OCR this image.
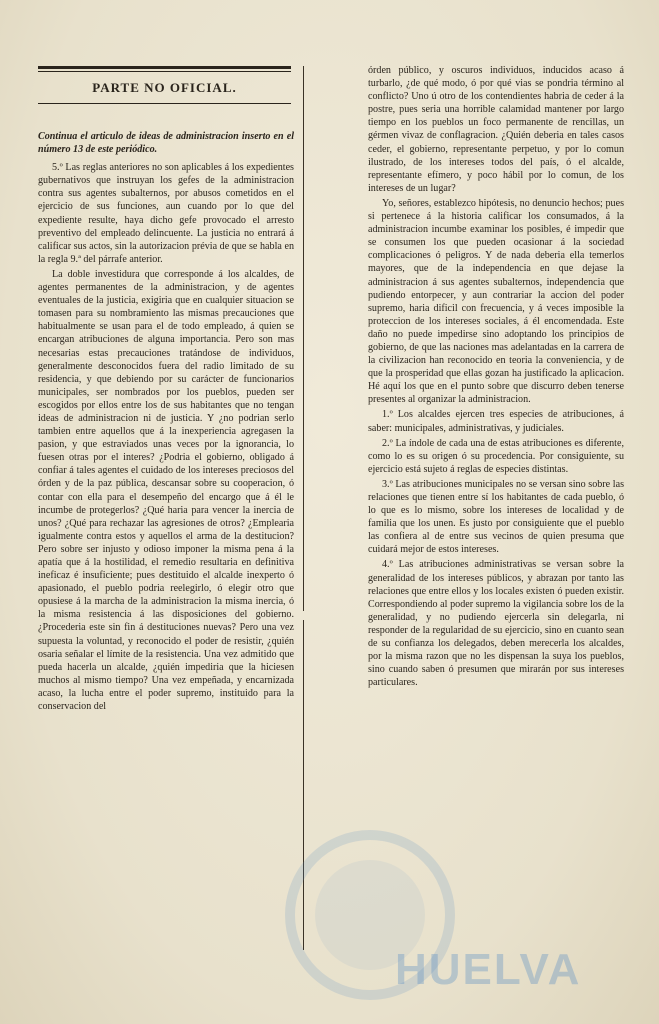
PARTE NO OFICIAL.

Continua el articulo de ideas de administracion inserto en el número 13 de este periódico.

5.º Las reglas anteriores no son aplicables á los expedientes gubernativos que instruyan los gefes de la administracion contra sus agentes subalternos, por abusos cometidos en el ejercicio de sus funciones, aun cuando por lo que del expediente resulte, haya dicho gefe provocado el arresto preventivo del empleado delincuente. La justicia no entrará á calificar sus actos, sin la autorizacion prévia de que se habla en la regla 9.ª del párrafe anterior.

La doble investidura que corresponde á los alcaldes, de agentes permanentes de la administracion, y de agentes eventuales de la justicia, exigiria que en cualquier situacion se tomasen para su nombramiento las mismas precauciones que habitualmente se usan para el de todo empleado, á quien se encargan atribuciones de alguna importancia. Pero son mas necesarias estas precauciones tratándose de individuos, generalmente desconocidos fuera del radio limitado de su residencia, y que debiendo por su carácter de funcionarios municipales, ser nombrados por los pueblos, pueden ser escogidos por ellos entre los de sus habitantes que no tengan ideas de administracion ni de justicia. Y ¿no podrian serlo tambien entre aquellos que á la inexperiencia agregasen la pasion, y que estraviados unas veces por la ignorancia, lo fuesen otras por el interes? ¿Podria el gobierno, obligado á confiar á tales agentes el cuidado de los intereses preciosos del órden y de la paz pública, descansar sobre su cooperacion, ó contar con ella para el desempeño del encargo que á él le incumbe de protegerlos? ¿Qué haria para vencer la inercia de unos? ¿Qué para rechazar las agresiones de otros? ¿Emplearia igualmente contra estos y aquellos el arma de la destitucion? Pero sobre ser injusto y odioso imponer la misma pena á la apatía que á la hostilidad, el remedio resultaria en definitiva ineficaz é insuficiente; pues destituido el alcalde inexperto ó apasionado, el pueblo podria reelegirlo, ó elegir otro que opusiese á la marcha de la administracion la misma inercia, ó la misma resistencia á las disposiciones del gobierno. ¿Procederia este sin fin á destituciones nuevas? Pero una vez supuesta la voluntad, y reconocido el poder de resistir, ¿quién osaria señalar el límite de la resistencia. Una vez admitido que pueda hacerla un alcalde, ¿quién impediria que la hiciesen muchos al mismo tiempo? Una vez empeñada, y encarnizada acaso, la lucha entre el poder supremo, instituido para la conservacion del

órden público, y oscuros individuos, inducidos acaso á turbarlo, ¿de qué modo, ó por qué vias se pondria término al conflicto? Uno ú otro de los contendientes habria de ceder á la postre, pues seria una horrible calamidad mantener por largo tiempo en los pueblos un foco permanente de rencillas, un gérmen vivaz de conflagracion. ¿Quién deberia en tales casos ceder, el gobierno, representante perpetuo, y por lo comun ilustrado, de los intereses todos del país, ó el alcalde, representante efímero, y poco hábil por lo comun, de los intereses de un lugar?

Yo, señores, establezco hipótesis, no denuncio hechos; pues si pertenece á la historia calificar los consumados, á la administracion incumbe examinar los posibles, é impedir que se consumen los que pueden ocasionar á la sociedad complicaciones ó peligros. Y de nada deberia ella temerlos mayores, que de la independencia en que dejase la administracion á sus agentes subalternos, independencia que pudiendo entorpecer, y aun contrariar la accion del poder supremo, haria dificil con frecuencia, y á veces imposible la proteccion de los intereses sociales, á él encomendada. Este daño no puede impedirse sino adoptando los principios de gobierno, de que las naciones mas adelantadas en la carrera de la civilizacion han reconocido en teoria la conveniencia, y de que la prosperidad que ellas gozan ha justificado la aplicacion. Hé aquí los que en el punto sobre que discurro deben tenerse presentes al organizar la administracion.

1.º Los alcaldes ejercen tres especies de atribuciones, á saber: municipales, administrativas, y judiciales.

2.º La índole de cada una de estas atribuciones es diferente, como lo es su origen ó su procedencia. Por consiguiente, su ejercicio está sujeto á reglas de especies distintas.

3.º Las atribuciones municipales no se versan sino sobre las relaciones que tienen entre sí los habitantes de cada pueblo, ó lo que es lo mismo, sobre los intereses de localidad y de familia que los unen. Es justo por consiguiente que el pueblo las confiera al de entre sus vecinos de quien presuma que cuidará mejor de estos intereses.

4.º Las atribuciones administrativas se versan sobre la generalidad de los intereses públicos, y abrazan por tanto las relaciones que entre ellos y los locales existen ó pueden existir. Correspondiendo al poder supremo la vigilancia sobre los de la generalidad, y no pudiendo ejercerla sin delegarla, ni responder de la regularidad de su ejercicio, sino en cuanto sean de su confianza los delegados, deben merecerla los alcaldes, por la misma razon que no les dispensan la suya los pueblos, sino cuando saben ó presumen que mirarán por sus intereses particulares.

HUELVA
